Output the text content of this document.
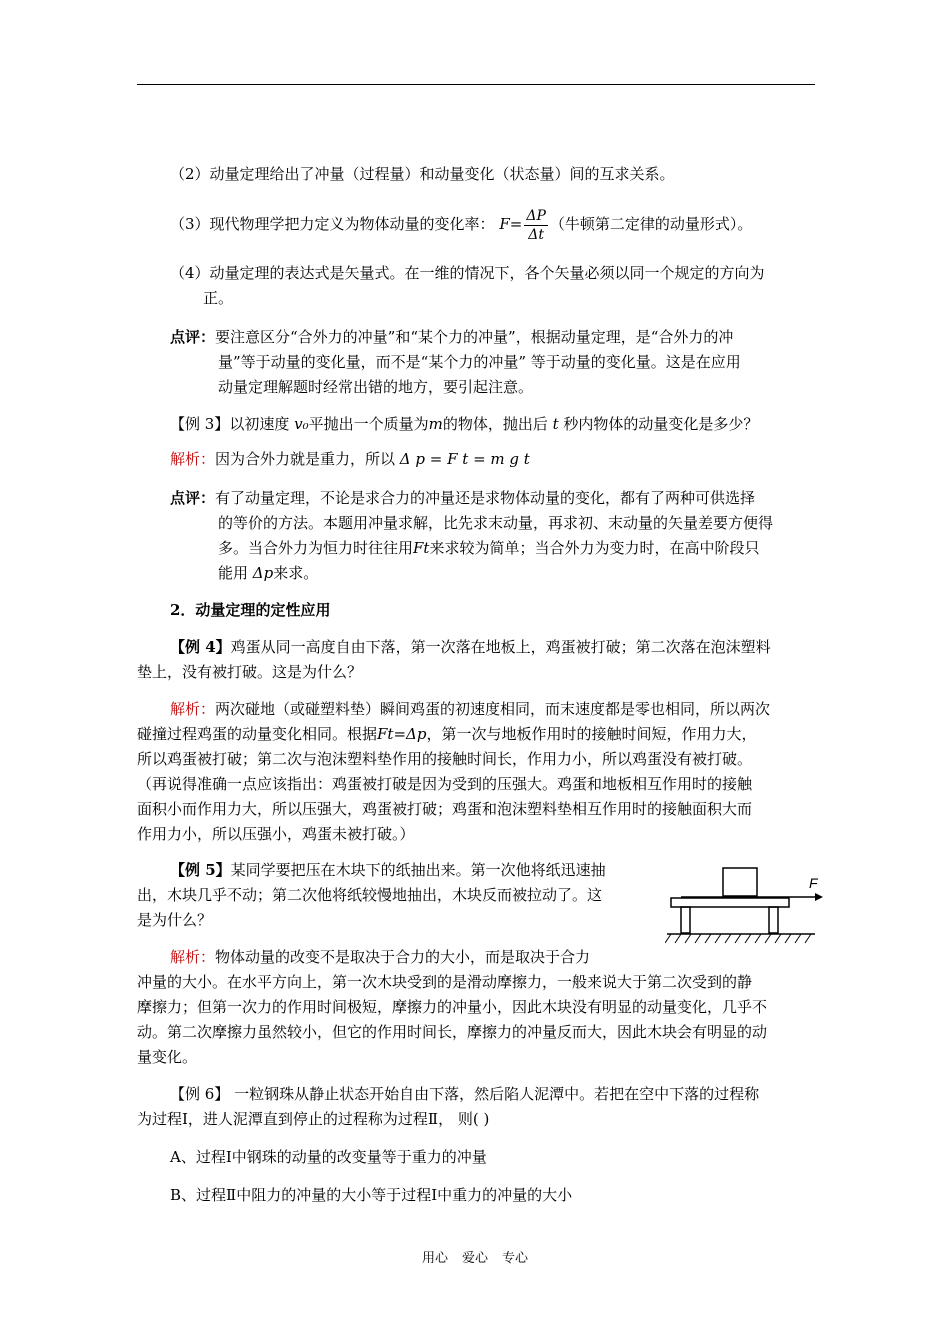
（2）动量定理给出了冲量（过程量）和动量变化（状态量）间的互求关系。
（3）现代物理学把力定义为物体动量的变化率： $F= \frac{\Delta P}{\Delta t}$ （牛顿第二定律的动量形式）。
（4）动量定理的表达式是矢量式。在一维的情况下，各个矢量必须以同一个规定的方向为
正。
点评：要注意区分“合外力的冲量”和“某个力的冲量”，根据动量定理，是“合外力的冲
量”等于动量的变化量，而不是“某个力的冲量” 等于动量的变化量。这是在应用
动量定理解题时经常出错的地方，要引起注意。
【例 3】以初速度 v₀平抛出一个质量为m的物体，抛出后 t 秒内物体的动量变化是多少？
解析：因为合外力就是重力，所以 Δ p = F t = m g t
点评：有了动量定理，不论是求合力的冲量还是求物体动量的变化，都有了两种可供选择
的等价的方法。本题用冲量求解，比先求末动量，再求初、末动量的矢量差要方便得
多。当合外力为恒力时往往用Ft来求较为简单；当合外力为变力时，在高中阶段只
能用 Δp来求。
2．动量定理的定性应用
【例 4】鸡蛋从同一高度自由下落，第一次落在地板上，鸡蛋被打破；第二次落在泡沫塑料
垫上，没有被打破。这是为什么？
解析：两次碰地（或碰塑料垫）瞬间鸡蛋的初速度相同，而末速度都是零也相同，所以两次
碰撞过程鸡蛋的动量变化相同。根据Ft=Δp，第一次与地板作用时的接触时间短，作用力大，
所以鸡蛋被打破；第二次与泡沫塑料垫作用的接触时间长，作用力小，所以鸡蛋没有被打破。
（再说得准确一点应该指出：鸡蛋被打破是因为受到的压强大。鸡蛋和地板相互作用时的接触
面积小而作用力大，所以压强大，鸡蛋被打破；鸡蛋和泡沫塑料垫相互作用时的接触面积大而
作用力小，所以压强小，鸡蛋未被打破。）
【例 5】某同学要把压在木块下的纸抽出来。第一次他将纸迅速抽
出，木块几乎不动；第二次他将纸较慢地抽出，木块反而被拉动了。这
是为什么？
F
解析：物体动量的改变不是取决于合力的大小，而是取决于合力
冲量的大小。在水平方向上，第一次木块受到的是滑动摩擦力，一般来说大于第二次受到的静
摩擦力；但第一次力的作用时间极短，摩擦力的冲量小，因此木块没有明显的动量变化，几乎不
动。第二次摩擦力虽然较小，但它的作用时间长，摩擦力的冲量反而大，因此木块会有明显的动
量变化。
【例 6】 一粒钢珠从静止状态开始自由下落，然后陷人泥潭中。若把在空中下落的过程称
为过程Ⅰ，进人泥潭直到停止的过程称为过程Ⅱ， 则( )
A、过程Ⅰ中钢珠的动量的改变量等于重力的冲量
B、过程Ⅱ中阻力的冲量的大小等于过程Ⅰ中重力的冲量的大小
用心 爱心 专心
